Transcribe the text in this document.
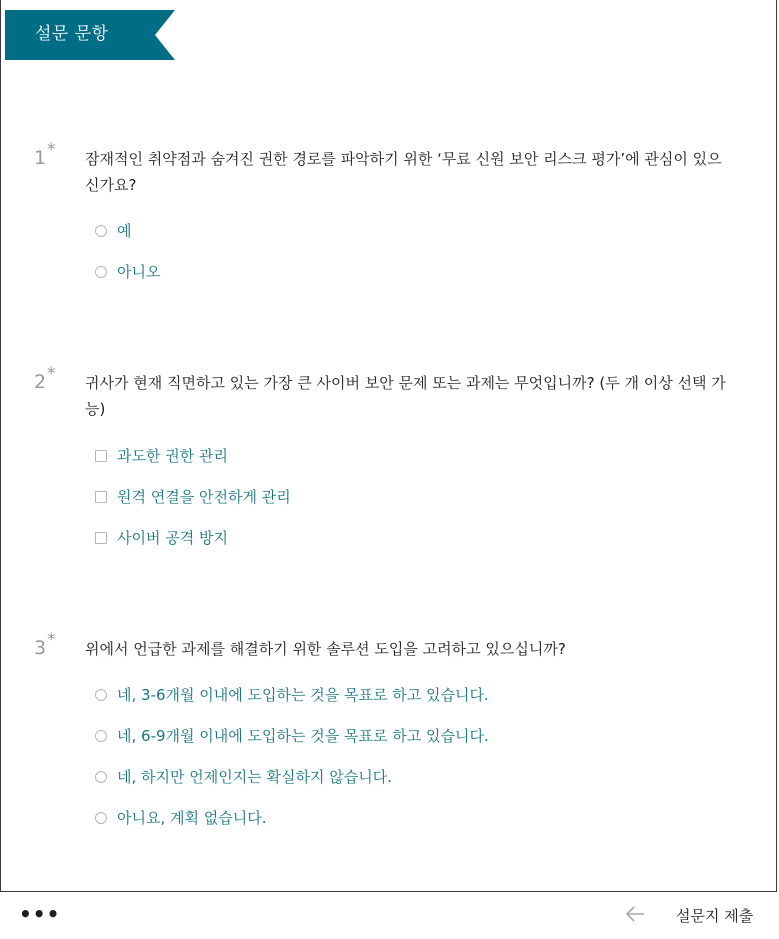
설문 문항
1 * 잠재적인 취약점과 숨겨진 권한 경로를 파악하기 위한 ‘무료 신원 보안 리스크 평가’에 관심이 있으신가요?
예
아니오
2 * 귀사가 현재 직면하고 있는 가장 큰 사이버 보안 문제 또는 과제는 무엇입니까? (두 개 이상 선택 가능)
과도한 권한 관리
원격 연결을 안전하게 관리
사이버 공격 방지
3 * 위에서 언급한 과제를 해결하기 위한 솔루션 도입을 고려하고 있으십니까?
네, 3-6개월 이내에 도입하는 것을 목표로 하고 있습니다.
네, 6-9개월 이내에 도입하는 것을 목표로 하고 있습니다.
네, 하지만 언제인지는 확실하지 않습니다.
아니요, 계획 없습니다.
•••	설문지 제출
